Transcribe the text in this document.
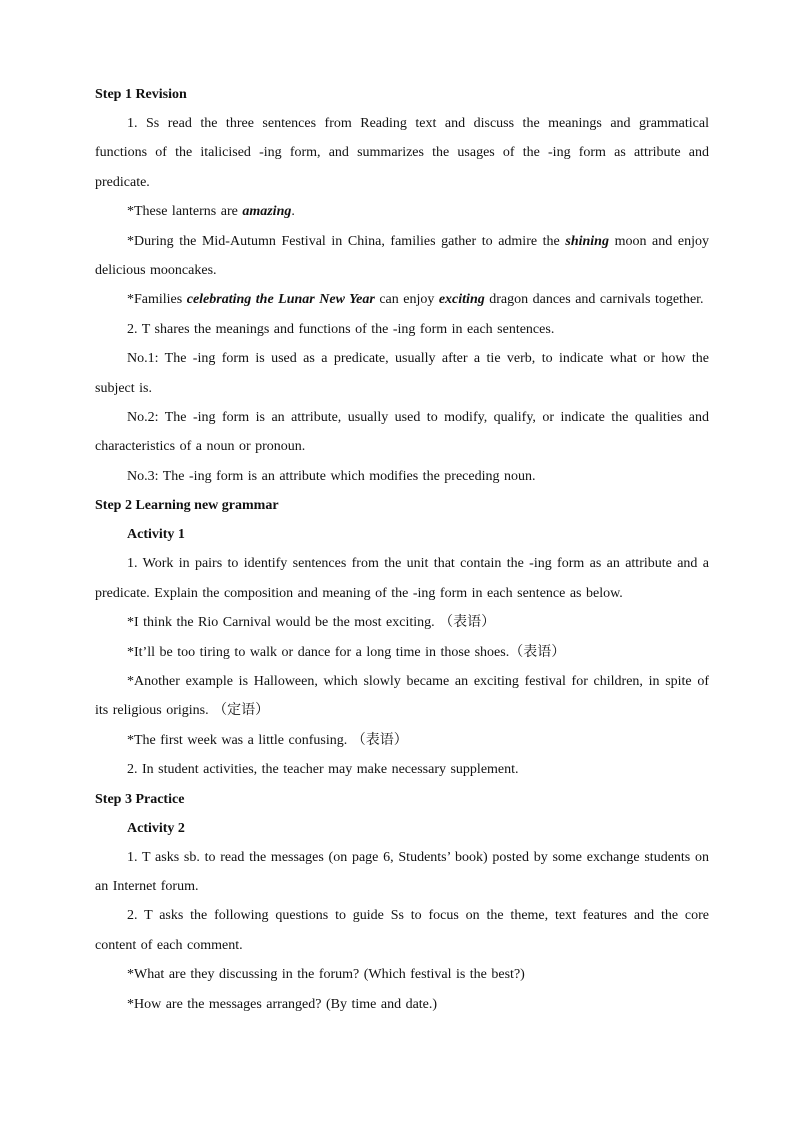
Step 1 Revision

1. Ss read the three sentences from Reading text and discuss the meanings and grammatical functions of the italicised -ing form, and summarizes the usages of the -ing form as attribute and predicate.

*These lanterns are amazing.

*During the Mid-Autumn Festival in China, families gather to admire the shining moon and enjoy delicious mooncakes.

*Families celebrating the Lunar New Year can enjoy exciting dragon dances and carnivals together.

2. T shares the meanings and functions of the -ing form in each sentences.

No.1: The -ing form is used as a predicate, usually after a tie verb, to indicate what or how the subject is.

No.2: The -ing form is an attribute, usually used to modify, qualify, or indicate the qualities and characteristics of a noun or pronoun.

No.3: The -ing form is an attribute which modifies the preceding noun.

Step 2 Learning new grammar

Activity 1

1. Work in pairs to identify sentences from the unit that contain the -ing form as an attribute and a predicate. Explain the composition and meaning of the -ing form in each sentence as below.

*I think the Rio Carnival would be the most exciting. （表语）

*It’ll be too tiring to walk or dance for a long time in those shoes.（表语）

*Another example is Halloween, which slowly became an exciting festival for children, in spite of its religious origins. （定语）

*The first week was a little confusing. （表语）

2. In student activities, the teacher may make necessary supplement.

Step 3 Practice

Activity 2

1. T asks sb. to read the messages (on page 6, Students’ book) posted by some exchange students on an Internet forum.

2. T asks the following questions to guide Ss to focus on the theme, text features and the core content of each comment.

*What are they discussing in the forum? (Which festival is the best?)

*How are the messages arranged? (By time and date.)
